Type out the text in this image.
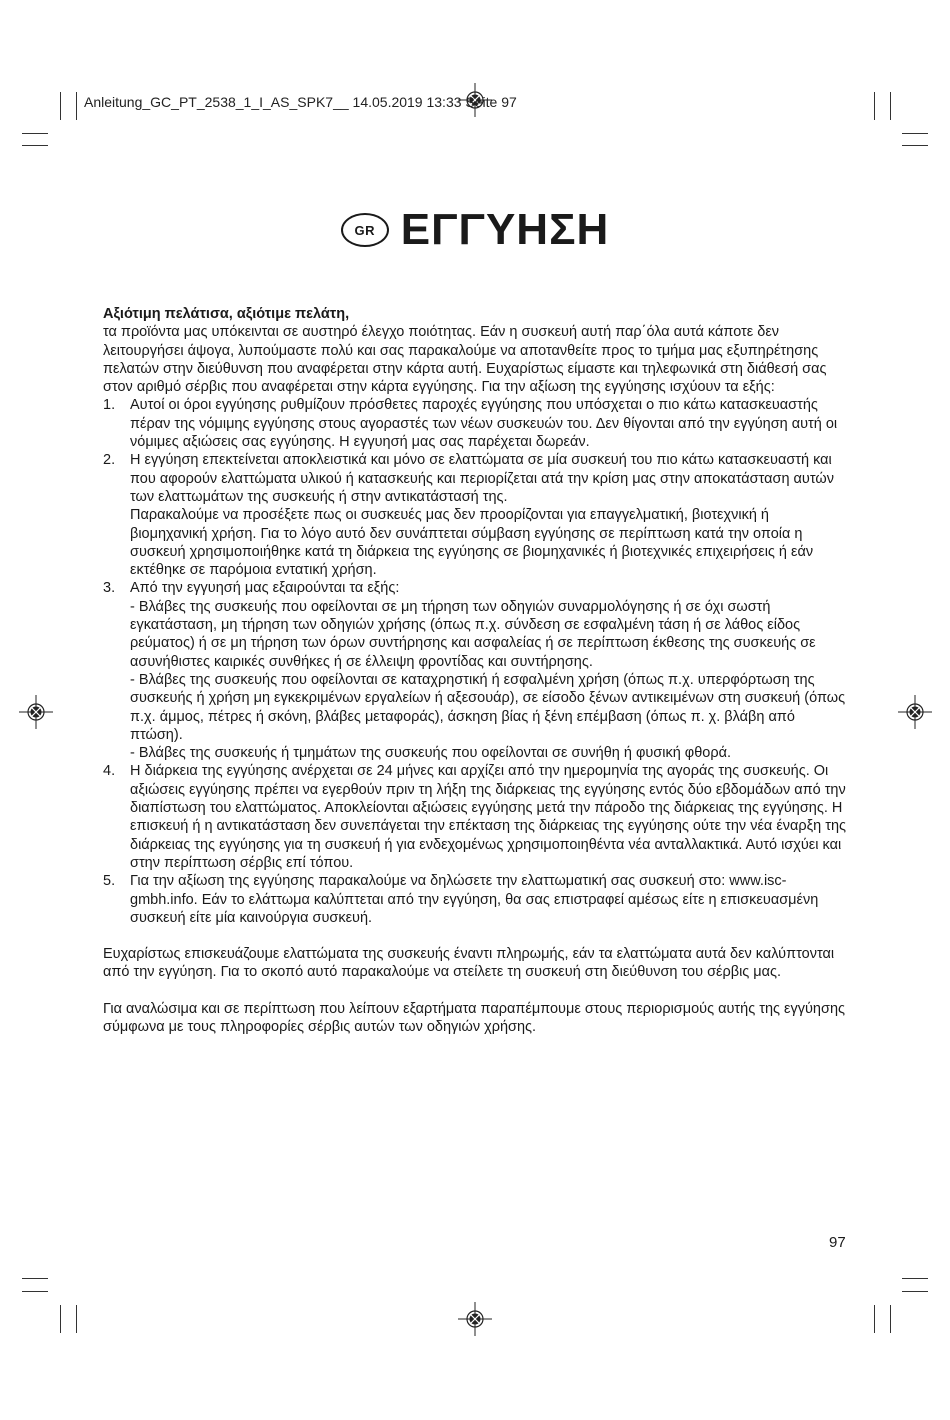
Anleitung_GC_PT_2538_1_I_AS_SPK7__ 14.05.2019 13:33 Seite 97
GR ΕΓΓΥΗΣΗ

Αξιότιμη πελάτισα, αξιότιμε πελάτη,

τα προϊόντα μας υπόκεινται σε αυστηρό έλεγχο ποιότητας. Εάν η συσκευή αυτή παρ΄όλα αυτά κάποτε δεν λειτουργήσει άψογα, λυπούμαστε πολύ και σας παρακαλούμε να αποτανθείτε προς το τμήμα μας εξυπηρέτησης πελατών στην διεύθυνση που αναφέρεται στην κάρτα αυτή. Ευχαρίστως είμαστε και τηλεφωνικά στη διάθεσή σας στον αριθμό σέρβις που αναφέρεται στην κάρτα εγγύησης. Για την αξίωση της εγγύησης ισχύουν τα εξής:

1. Αυτοί οι όροι εγγύησης ρυθμίζουν πρόσθετες παροχές εγγύησης που υπόσχεται ο πιο κάτω κατασκευαστής πέραν της νόμιμης εγγύησης στους αγοραστές των νέων συσκευών του. Δεν θίγονται από την εγγύηση αυτή οι νόμιμες αξιώσεις σας εγγύησης. Η εγγυησή μας σας παρέχεται δωρεάν.

2. Η εγγύηση επεκτείνεται αποκλειστικά και μόνο σε ελαττώματα σε μία συσκευή του πιο κάτω κατασκευαστή και που αφορούν ελαττώματα υλικού ή κατασκευής και περιορίζεται ατά την κρίση μας στην αποκατάσταση αυτών των ελαττωμάτων της συσκευής ή στην αντικατάστασή της.

Παρακαλούμε να προσέξετε πως οι συσκευές μας δεν προορίζονται για επαγγελματική, βιοτεχνική ή βιομηχανική χρήση. Για το λόγο αυτό δεν συνάπτεται σύμβαση εγγύησης σε περίπτωση κατά την οποία η συσκευή χρησιμοποιήθηκε κατά τη διάρκεια της εγγύησης σε βιομηχανικές ή βιοτεχνικές επιχειρήσεις ή εάν εκτέθηκε σε παρόμοια εντατική χρήση.

3. Από την εγγυησή μας εξαιρούνται τα εξής:

- Βλάβες της συσκευής που οφείλονται σε μη τήρηση των οδηγιών συναρμολόγησης ή σε όχι σωστή εγκατάσταση, μη τήρηση των οδηγιών χρήσης (όπως π.χ. σύνδεση σε εσφαλμένη τάση ή σε λάθος είδος ρεύματος) ή σε μη τήρηση των όρων συντήρησης και ασφαλείας ή σε περίπτωση έκθεσης της συσκευής σε ασυνήθιστες καιρικές συνθήκες ή σε έλλειψη φροντίδας και συντήρησης.

- Βλάβες της συσκευής που οφείλονται σε καταχρηστική ή εσφαλμένη χρήση (όπως π.χ. υπερφόρτωση της συσκευής ή χρήση μη εγκεκριμένων εργαλείων ή αξεσουάρ), σε είσοδο ξένων αντικειμένων στη συσκευή (όπως π.χ. άμμος, πέτρες ή σκόνη, βλάβες μεταφοράς), άσκηση βίας ή ξένη επέμβαση (όπως π. χ. βλάβη από πτώση).

- Βλάβες της συσκευής ή τμημάτων της συσκευής που οφείλονται σε συνήθη ή φυσική φθορά.

4. Η διάρκεια της εγγύησης ανέρχεται σε 24 μήνες και αρχίζει από την ημερομηνία της αγοράς της συσκευής. Οι αξιώσεις εγγύησης πρέπει να εγερθούν πριν τη λήξη της διάρκειας της εγγύησης εντός δύο εβδομάδων από την διαπίστωση του ελαττώματος. Αποκλείονται αξιώσεις εγγύησης μετά την πάροδο της διάρκειας της εγγύησης. Η επισκευή ή η αντικατάσταση δεν συνεπάγεται την επέκταση της διάρκειας της εγγύησης ούτε την νέα έναρξη της διάρκειας της εγγύησης για τη συσκευή ή για ενδεχομένως χρησιμοποιηθέντα νέα ανταλλακτικά. Αυτό ισχύει και στην περίπτωση σέρβις επί τόπου.

5. Για την αξίωση της εγγύησης παρακαλούμε να δηλώσετε την ελαττωματική σας συσκευή στο: www.isc-gmbh.info. Εάν το ελάττωμα καλύπτεται από την εγγύηση, θα σας επιστραφεί αμέσως είτε η επισκευασμένη συσκευή είτε μία καινούργια συσκευή.

Ευχαρίστως επισκευάζουμε ελαττώματα της συσκευής έναντι πληρωμής, εάν τα ελαττώματα αυτά δεν καλύπτονται από την εγγύηση. Για το σκοπό αυτό παρακαλούμε να στείλετε τη συσκευή στη διεύθυνση του σέρβις μας.

Για αναλώσιμα και σε περίπτωση που λείπουν εξαρτήματα παραπέμπουμε στους περιορισμούς αυτής της εγγύησης σύμφωνα με τους πληροφορίες σέρβις αυτών των οδηγιών χρήσης.

97
